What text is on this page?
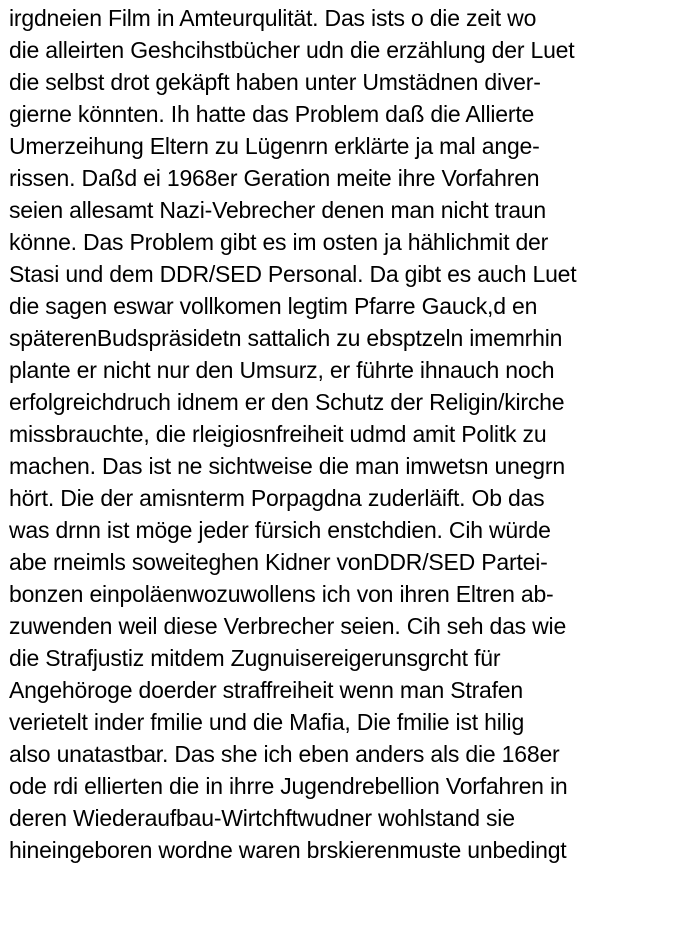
irgdneien Film in Amteurqulität. Das ists o die zeit wo
die alleirten Geshcihstbücher udn die erzählung der Luet
die selbst drot gekäpft haben unter Umstädnen diver-
gierne könnten. Ih hatte das Problem daß die Allierte
Umerzeihung Eltern zu Lügenrn erklärte ja mal ange-
rissen. Daßd ei 1968er Geration meite ihre Vorfahren
seien allesamt Nazi-Vebrecher denen man nicht traun
könne. Das Problem gibt es im osten ja hählichmit der
Stasi und dem DDR/SED Personal. Da gibt es auch Luet
die sagen eswar vollkomen legtim Pfarre Gauck,d en
späterenBudspräsidetn sattalich zu ebsptzeln imemrhin
plante er nicht nur den Umsurz, er führte ihnauch noch
erfolgreichdruch idnem er den Schutz der Religin/kirche
missbrauchte, die rleigiosnfreiheit udmd amit Politk zu
machen. Das ist ne sichtweise die man imwetsn unegrn
hört. Die der amisnterm Porpagdna zuderläift. Ob das
was drnn ist möge jeder fürsich enstchdien. Cih würde
abe rneimls soweiteghen Kidner vonDDR/SED Partei-
bonzen einpoläenwozuwollens ich von ihren Eltren ab-
zuwenden weil diese Verbrecher seien. Cih seh das wie
die Strafjustiz mitdem Zugnuisereigerunsgrcht für
Angehöroge doerder straffreiheit wenn man Strafen
verietelt inder fmilie und die Mafia, Die fmilie ist hilig
also unatastbar. Das she ich eben anders als die 168er
ode rdi ellierten die in ihrre Jugendrebellion Vorfahren in
deren Wiederaufbau-Wirtchftwudner wohlstand sie
hineingeboren wordne waren brskierenmuste unbedingt
